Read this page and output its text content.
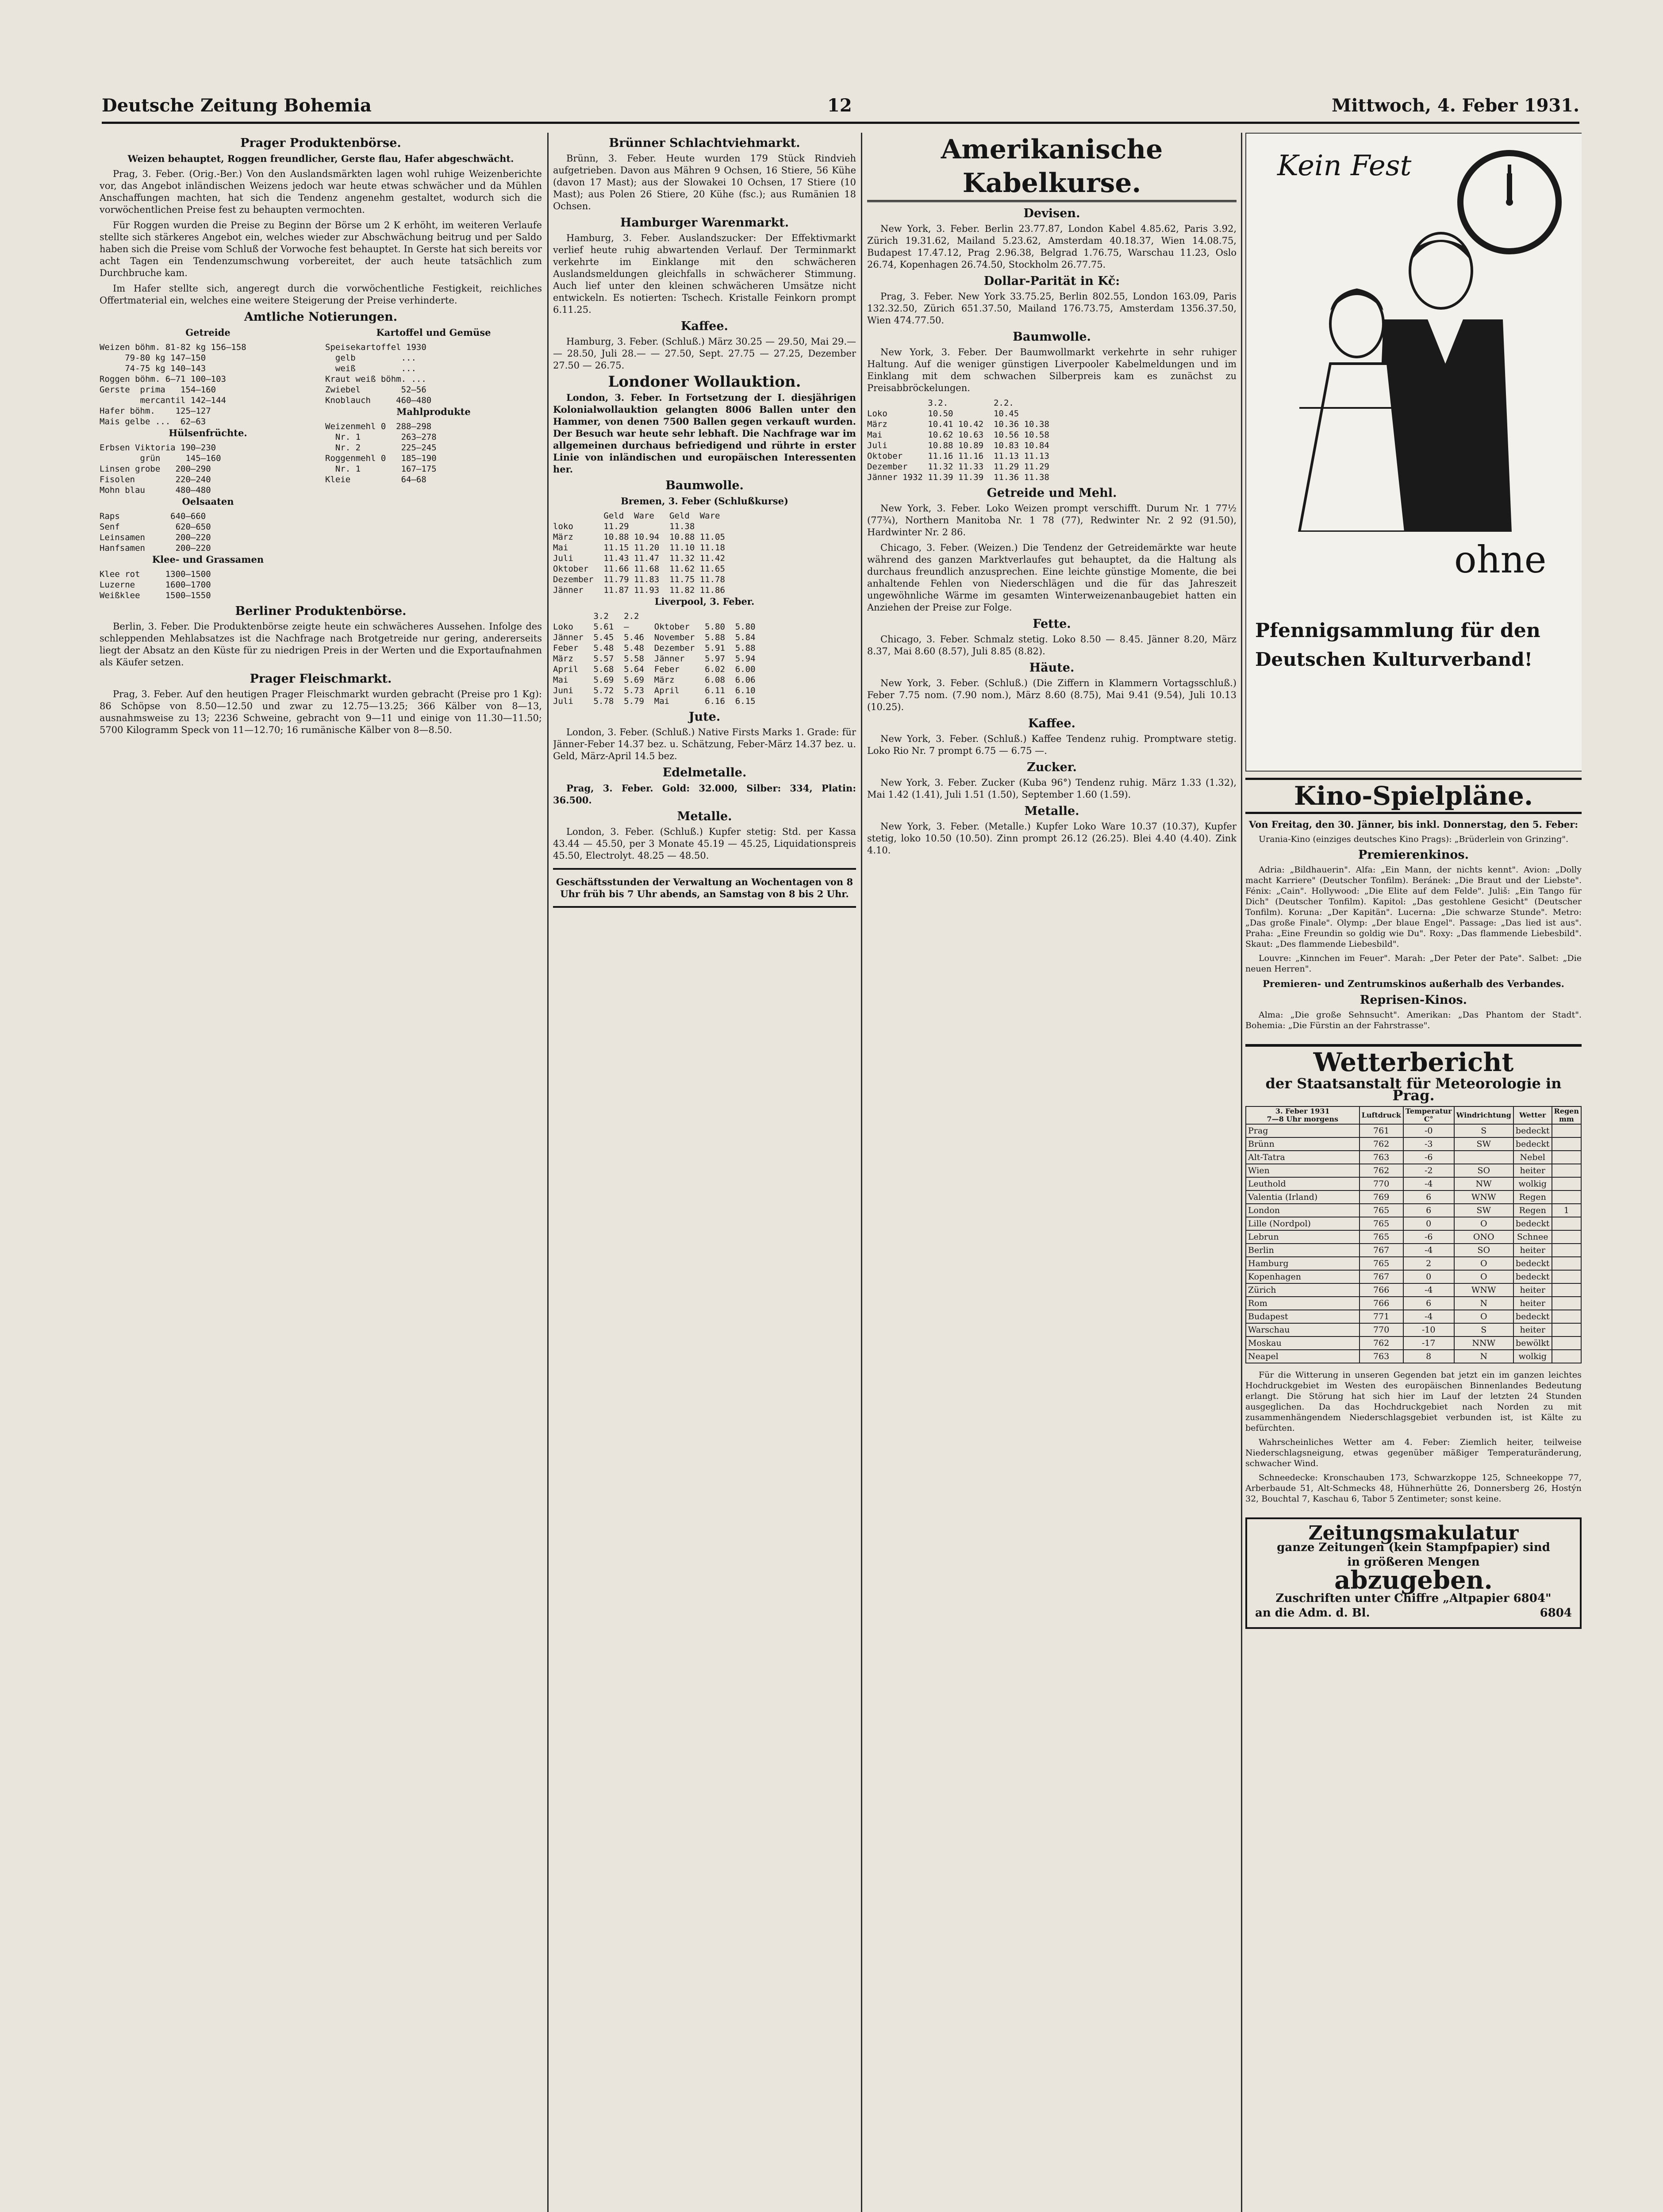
Deutsche Zeitung Bohemia	12	Mittwoch, 4. Feber 1931.
Prager Produktenbörse.
Weizen behauptet, Roggen freundlicher, Gerste flau, Hafer abgeschwächt.

Prag, 3. Feber. (Orig.-Ber.) Von den Auslandsmärkten lagen wohl ruhige Weizenberichte vor, das Angebot inländischen Weizens jedoch war heute etwas schwächer und da Mühlen Anschaffungen machten, hat sich die Tendenz angenehm gestaltet, wodurch sich die vorwöchentlichen Preise fest zu behaupten vermochten.

Für Roggen wurden die Preise zu Beginn der Börse um 2 K erhöht, im weiteren Verlaufe stellte sich stärkeres Angebot ein, welches wieder zur Abschwächung beitrug und per Saldo haben sich die Preise vom Schluß der Vorwoche fest behauptet. In Gerste hat sich bereits vor acht Tagen ein Tendenzumschwung vorbereitet, der auch heute tatsächlich zum Durchbruche kam.

Im Hafer stellte sich, angeregt durch die vorwöchentliche Festigkeit, reichliches Offertmaterial ein, welches eine weitere Steigerung der Preise verhinderte.

Amtliche Notierungen.
Getreide
Weizen böhm. 81-82 kg 156—158
79-80 kg 147—150
74-75 kg 140—143
Roggen böhm. 6—71 100—103
Gerste  prima   154—160
mercantil 142—144
Hafer böhm.    125—127
Mais gelbe ...  62—63
Hülsenfrüchte.
Erbsen Viktoria 190—230
grün     145—160
Linsen grobe   200—290
Fisolen        220—240
Mohn blau      480—480
Oelsaaten
Raps          640—660
Senf           620—650
Leinsamen      200—220
Hanfsamen      200—220
Klee- und Grassamen
Klee rot     1300—1500
Luzerne      1600—1700
Weißklee     1500—1550
Kartoffel und Gemüse
Speisekartoffel 1930
gelb         ...
weiß         ...
Kraut weiß böhm. ...
Zwiebel        52—56
Knoblauch     460—480
Mahlprodukte
Weizenmehl 0  288—298
Nr. 1        263—278
Nr. 2        225—245
Roggenmehl 0   185—190
Nr. 1        167—175
Kleie          64—68
Berliner Produktenbörse.

Berlin, 3. Feber. Die Produktenbörse zeigte heute ein schwächeres Aussehen. Infolge des schleppenden Mehlabsatzes ist die Nachfrage nach Brotgetreide nur gering, andererseits liegt der Absatz an den Küste für zu niedrigen Preis in der Werten und die Exportaufnahmen als Käufer setzen.

Prager Fleischmarkt.

Prag, 3. Feber. Auf den heutigen Prager Fleischmarkt wurden gebracht (Preise pro 1 Kg): 86 Schöpse von 8.50—12.50 und zwar zu 12.75—13.25; 366 Kälber von 8—13, ausnahmsweise zu 13; 2236 Schweine, gebracht von 9—11 und einige von 11.30—11.50; 5700 Kilogramm Speck von 11—12.70; 16 rumänische Kälber von 8—8.50.

Brünner Schlachtviehmarkt.

Brünn, 3. Feber. Heute wurden 179 Stück Rindvieh aufgetrieben. Davon aus Mähren 9 Ochsen, 16 Stiere, 56 Kühe (davon 17 Mast); aus der Slowakei 10 Ochsen, 17 Stiere (10 Mast); aus Polen 26 Stiere, 20 Kühe (fsc.); aus Rumänien 18 Ochsen.

Hamburger Warenmarkt.

Hamburg, 3. Feber. Auslandszucker: Der Effektivmarkt verlief heute ruhig abwartenden Verlauf. Der Terminmarkt verkehrte im Einklange mit den schwächeren Auslandsmeldungen gleichfalls in schwächerer Stimmung. Auch lief unter den kleinen schwächeren Umsätze nicht entwickeln. Es notierten: Tschech. Kristalle Feinkorn prompt 6.11.25.

Kaffee.

Hamburg, 3. Feber. (Schluß.) März 30.25 — 29.50, Mai 29.— — 28.50, Juli 28.— — 27.50, Sept. 27.75 — 27.25, Dezember 27.50 — 26.75.

Londoner Wollauktion.

London, 3. Feber. In Fortsetzung der I. diesjährigen Kolonialwollauktion gelangten 8006 Ballen unter den Hammer, von denen 7500 Ballen gegen verkauft wurden. Der Besuch war heute sehr lebhaft. Die Nachfrage war im allgemeinen durchaus befriedigend und rührte in erster Linie von inländischen und europäischen Interessenten her.

Baumwolle.
Bremen, 3. Feber (Schlußkurse)
Geld  Ware   Geld  Ware
loko      11.29        11.38
März      10.88 10.94  10.88 11.05
Mai       11.15 11.20  11.10 11.18
Juli      11.43 11.47  11.32 11.42
Oktober   11.66 11.68  11.62 11.65
Dezember  11.79 11.83  11.75 11.78
Jänner    11.87 11.93  11.82 11.86
Liverpool, 3. Feber.
3.2   2.2
Loko    5.61  —     Oktober   5.80  5.80
Jänner  5.45  5.46  November  5.88  5.84
Feber   5.48  5.48  Dezember  5.91  5.88
März    5.57  5.58  Jänner    5.97  5.94
April   5.68  5.64  Feber     6.02  6.00
Mai     5.69  5.69  März      6.08  6.06
Juni    5.72  5.73  April     6.11  6.10
Juli    5.78  5.79  Mai       6.16  6.15
Jute.

London, 3. Feber. (Schluß.) Native Firsts Marks 1. Grade: für Jänner-Feber 14.37 bez. u. Schätzung, Feber-März 14.37 bez. u. Geld, März-April 14.5 bez.

Edelmetalle.

Prag, 3. Feber. Gold: 32.000, Silber: 334, Platin: 36.500.

Metalle.

London, 3. Feber. (Schluß.) Kupfer stetig: Std. per Kassa 43.44 — 45.50, per 3 Monate 45.19 — 45.25, Liquidationspreis 45.50, Electrolyt. 48.25 — 48.50.

Geschäftsstunden der Verwaltung an Wochentagen von 8 Uhr früh bis 7 Uhr abends, an Samstag von 8 bis 2 Uhr.

Amerikanische Kabelkurse.
Devisen.

New York, 3. Feber. Berlin 23.77.87, London Kabel 4.85.62, Paris 3.92, Zürich 19.31.62, Mailand 5.23.62, Amsterdam 40.18.37, Wien 14.08.75, Budapest 17.47.12, Prag 2.96.38, Belgrad 1.76.75, Warschau 11.23, Oslo 26.74, Kopenhagen 26.74.50, Stockholm 26.77.75.

Dollar-Parität in Kč:

Prag, 3. Feber. New York 33.75.25, Berlin 802.55, London 163.09, Paris 132.32.50, Zürich 651.37.50, Mailand 176.73.75, Amsterdam 1356.37.50, Wien 474.77.50.

Baumwolle.

New York, 3. Feber. Der Baumwollmarkt verkehrte in sehr ruhiger Haltung. Auf die weniger günstigen Liverpooler Kabelmeldungen und im Einklang mit dem schwachen Silberpreis kam es zunächst zu Preisabbröckelungen.

3.2.         2.2.
Loko        10.50        10.45
März        10.41 10.42  10.36 10.38
Mai         10.62 10.63  10.56 10.58
Juli        10.88 10.89  10.83 10.84
Oktober     11.16 11.16  11.13 11.13
Dezember    11.32 11.33  11.29 11.29
Jänner 1932 11.39 11.39  11.36 11.38
Getreide und Mehl.

New York, 3. Feber. Loko Weizen prompt verschifft. Durum Nr. 1 77½ (77¾), Northern Manitoba Nr. 1 78 (77), Redwinter Nr. 2 92 (91.50), Hardwinter Nr. 2 86.

Chicago, 3. Feber. (Weizen.) Die Tendenz der Getreidemärkte war heute während des ganzen Marktverlaufes gut behauptet, da die Haltung als durchaus freundlich anzusprechen. Eine leichte günstige Momente, die bei anhaltende Fehlen von Niederschlägen und die für das Jahreszeit ungewöhnliche Wärme im gesamten Winterweizenanbaugebiet hatten ein Anziehen der Preise zur Folge.

Fette.

Chicago, 3. Feber. Schmalz stetig. Loko 8.50 — 8.45. Jänner 8.20, März 8.37, Mai 8.60 (8.57), Juli 8.85 (8.82).

Häute.

New York, 3. Feber. (Schluß.) (Die Ziffern in Klammern Vortagsschluß.) Feber 7.75 nom. (7.90 nom.), März 8.60 (8.75), Mai 9.41 (9.54), Juli 10.13 (10.25).

Kaffee.

New York, 3. Feber. (Schluß.) Kaffee Tendenz ruhig. Promptware stetig. Loko Rio Nr. 7 prompt 6.75 — 6.75 —.

Zucker.

New York, 3. Feber. Zucker (Kuba 96°) Tendenz ruhig. März 1.33 (1.32), Mai 1.42 (1.41), Juli 1.51 (1.50), September 1.60 (1.59).

Metalle.

New York, 3. Feber. (Metalle.) Kupfer Loko Ware 10.37 (10.37), Kupfer stetig, loko 10.50 (10.50). Zinn prompt 26.12 (26.25). Blei 4.40 (4.40). Zink 4.10.

Kein Fest
ohne
Pfennigsammlung für den
Deutschen Kulturverband!
Kino-Spielpläne.
Von Freitag, den 30. Jänner, bis inkl. Donnerstag, den 5. Feber:

Urania-Kino (einziges deutsches Kino Prags): „Brüderlein von Grinzing".

Premierenkinos.

Adria: „Bildhauerin". Alfa: „Ein Mann, der nichts kennt". Avion: „Dolly macht Karriere" (Deutscher Tonfilm). Beránek: „Die Braut und der Liebste". Fénix: „Cain". Hollywood: „Die Elite auf dem Felde". Juliš: „Ein Tango für Dich" (Deutscher Tonfilm). Kapitol: „Das gestohlene Gesicht" (Deutscher Tonfilm). Koruna: „Der Kapitän". Lucerna: „Die schwarze Stunde". Metro: „Das große Finale". Olymp: „Der blaue Engel". Passage: „Das lied ist aus". Praha: „Eine Freundin so goldig wie Du". Roxy: „Das flammende Liebesbild". Skaut: „Des flammende Liebesbild".

Louvre: „Kinnchen im Feuer". Marah: „Der Peter der Pate". Salbet: „Die neuen Herren".

Premieren- und Zentrumskinos außerhalb des Verbandes.
Reprisen-Kinos.

Alma: „Die große Sehnsucht". Amerikan: „Das Phantom der Stadt". Bohemia: „Die Fürstin an der Fahrstrasse".

Wetterbericht
der Staatsanstalt für Meteorologie in Prag.
3. Feber 1931
7—8 Uhr morgens	Luftdruck	Temperatur C°	Windrichtung	Wetter	Regen mm
Prag	761	-0	S	bedeckt	
Brünn	762	-3	SW	bedeckt	
Alt-Tatra	763	-6		Nebel	
Wien	762	-2	SO	heiter	
Leuthold	770	-4	NW	wolkig	
Valentia (Irland)	769	6	WNW	Regen	
London	765	6	SW	Regen	1
Lille (Nordpol)	765	0	O	bedeckt	
Lebrun	765	-6	ONO	Schnee	
Berlin	767	-4	SO	heiter	
Hamburg	765	2	O	bedeckt	
Kopenhagen	767	0	O	bedeckt	
Zürich	766	-4	WNW	heiter	
Rom	766	6	N	heiter	
Budapest	771	-4	O	bedeckt	
Warschau	770	-10	S	heiter	
Moskau	762	-17	NNW	bewölkt	
Neapel	763	8	N	wolkig	

Für die Witterung in unseren Gegenden bat jetzt ein im ganzen leichtes Hochdruckgebiet im Westen des europäischen Binnenlandes Bedeutung erlangt. Die Störung hat sich hier im Lauf der letzten 24 Stunden ausgeglichen. Da das Hochdruckgebiet nach Norden zu mit zusammenhängendem Niederschlagsgebiet verbunden ist, ist Kälte zu befürchten.

Wahrscheinliches Wetter am 4. Feber: Ziemlich heiter, teilweise Niederschlagsneigung, etwas gegenüber mäßiger Temperaturänderung, schwacher Wind.

Schneedecke: Kronschauben 173, Schwarzkoppe 125, Schneekoppe 77, Arberbaude 51, Alt-Schmecks 48, Hühnerhütte 26, Donnersberg 26, Hostýn 32, Bouchtal 7, Kaschau 6, Tabor 5 Zentimeter; sonst keine.

Zeitungsmakulatur
ganze Zeitungen (kein Stampfpapier) sind
in größeren Mengen
abzugeben.
Zuschriften unter Chiffre „Altpapier 6804"
an die Adm. d. Bl.	6804
